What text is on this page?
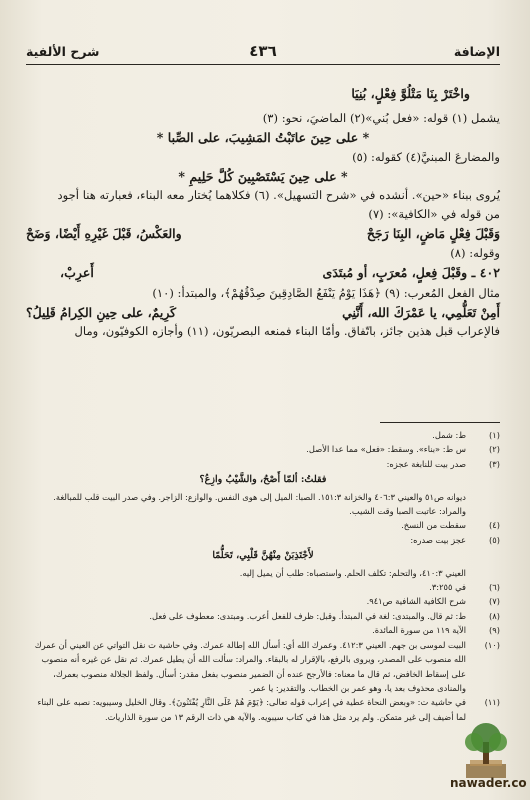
الإضافة
٤٣٦
شرح الألفية

واخْتَرْ بِنَا مَتْلُوَّ فِعْلٍ، بُنِيَا

يشمل (١) قوله: «فعل بُني»(٢) الماضيَ، نحو: (٣)

* على حِينَ عاتَبْتُ المَشِيبَ، على الصِّبا *

والمضارعَ المبنيَّ(٤) كقوله: (٥)

* على حِينَ يَسْتَصْبِينَ كُلَّ حَلِيمِ *

يُروى ببناء «حين». أنشده في «شرح التسهيل». (٦) فكلاهما يُختار معه البناء، فعبارته هنا أجود

من قوله في «الكافية»: (٧)

وَقَبْلَ فِعْلٍ مَاضٍ، البِنَا رَجَحْ
والعَكْسُ، قَبْلَ غَيْرِهِ أَيْضًا، وَضَحْ

وقوله: (٨)

٤٠٢ ـ وقَبْلَ فِعلٍ، مُعرَبٍ، أو مُبتَدَى
أَعرِبْ،

مثال الفعل المُعرب: (٩) ﴿هَذَا يَوْمُ يَنْفَعُ الصَّادِقِينَ صِدْقُهُمْ﴾، والمبتدأ: (١٠)

أَمِنْ تَعَلُّمِي، يا عَمْرَكَ الله، أَنَّنِي
كَرِيمٌ، على حِينِ الكِرامُ قَلِيلُ؟

فالإعراب قبل هذين جائز، باتّفاق. وأمّا البناء فمنعه البصريّون، (١١) وأجازه الكوفيّون، ومال

(١)
ط: شمل.
(٢)
س ط: «بناء». وسقط: «فعل» مما عدا الأصل.
(٣)
صدر بيت للنابغة عجزه:
فقلتُ: ألمّا أَصْحُ، والشَّيْبُ وازِعُ؟
ديوانه ص٥١ والعيني ٤٠٦:٣ والخزانة ١٥١:٣. الصبا: الميل إلى هوى النفس. والوازع: الزاجر. وفي صدر البيت قلب للمبالغة. والمراد: عاتبت الصبا وقت الشيب.
(٤)
سقطت من النسخ.
(٥)
عجز بيت صدره:
لأَجْتَذِبَنْ مِنْهُنَّ قَلْبِي، تَحَلُّمًا
العيني ٤١٠:٣، والتحلم: تكلف الحلم. واستصباه: طلب أن يميل إليه.
(٦)
في ٣:٢٥٥.
(٧)
شرح الكافية الشافية ص٩٤١.
(٨)
ط: ثم قال. والمبتدى: لغة في المبتدأ. وقبل: ظرف للفعل أعرب. ومبتدى: معطوف على فعل.
(٩)
الآية ١١٩ من سورة المائدة.
(١٠)
البيت لموسى بن جهم. العيني ٤١٢:٣. وعمرك الله أي: أسأل الله إطالة عمرك. وفي حاشية ت نقل التواتي عن العيني أن عمرك الله منصوب على المصدر، ويروى بالرفع، بالإقرار له بالبقاء. والمراد: سألت الله أن يطيل عمرك. ثم نقل عن غيره أنه منصوب على إسقاط الخافض، ثم قال ما معناه: فالأرجح عنده أن الضمير منصوب بفعل مقدر: أسأل. ولفظ الجلالة منصوب بعمرك، والمنادى محذوف بعد يا، وهو عمر بن الخطاب. والتقدير: يا عمر.
(١١)
في حاشية ت: «وبعض النحاة عطية في إعراب قوله تعالى: ﴿يَوْمَ هُمْ عَلَى النَّارِ يُفْتَنُونَ﴾. وقال الخليل وسيبويه: نصبه على البناء لما أضيف إلى غير متمكن. ولم يرد مثل هذا في كتاب سيبويه. والآية هي ذات الرقم ١٣ من سورة الذاريات.
nawader.co
